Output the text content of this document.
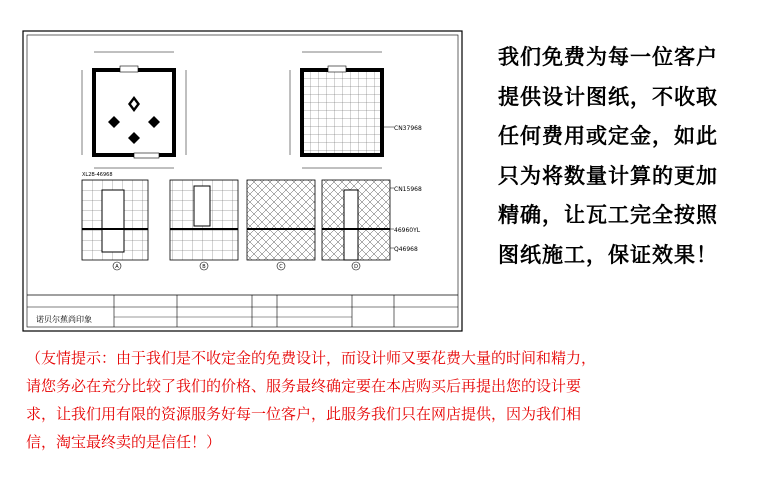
CN37968
XL2B-46968
A	B	C
CN15968
46960YL
Q46968
D
诺贝尔蕉尚印象
我们免费为每一位客户
提供设计图纸，不收取
任何费用或定金，如此
只为将数量计算的更加
精确，让瓦工完全按照
图纸施工，保证效果！
（友情提示：由于我们是不收定金的免费设计，而设计师又要花费大量的时间和精力，
请您务必在充分比较了我们的价格、服务最终确定要在本店购买后再提出您的设计要
求，让我们用有限的资源服务好每一位客户，此服务我们只在网店提供，因为我们相
信，淘宝最终卖的是信任！）
